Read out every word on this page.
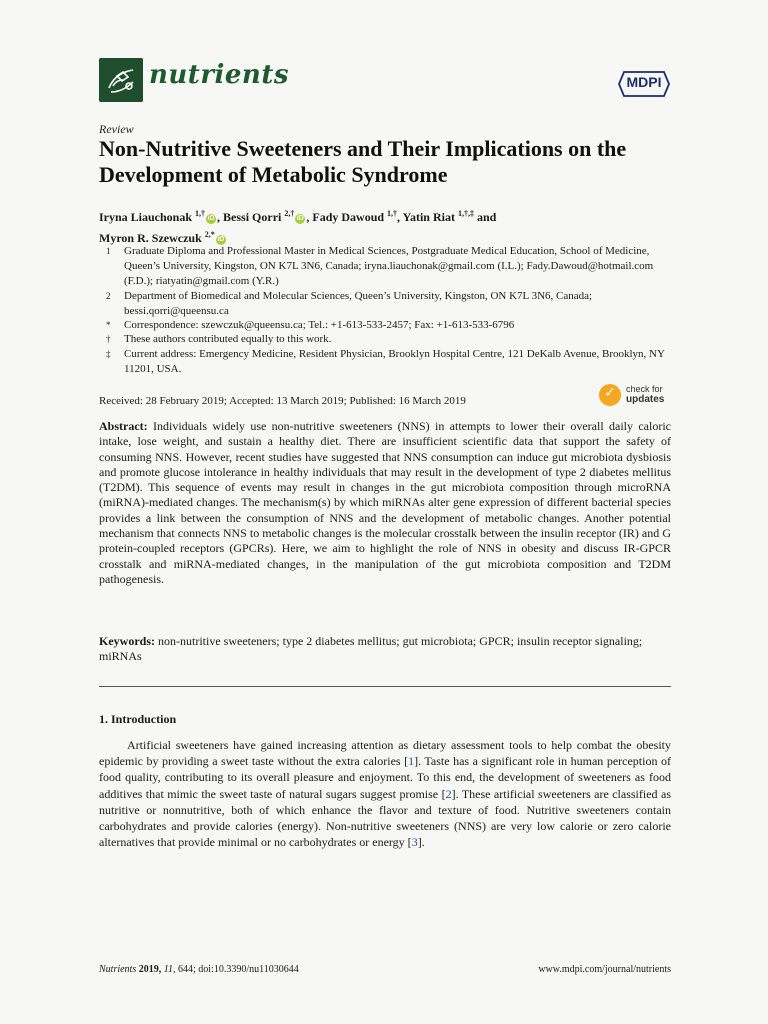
nutrients	MDPI
Review
Non-Nutritive Sweeteners and Their Implications on the Development of Metabolic Syndrome
Iryna Liauchonak $^{1,\dagger}$iD , Bessi Qorri $^{2,\dagger}$iD , Fady Dawoud $^{1,\dagger}$, Yatin Riat $^{1,\dagger,\ddagger}$ and
Myron R. Szewczuk $^{2,*}$iD
1	Graduate Diploma and Professional Master in Medical Sciences, Postgraduate Medical Education, School of Medicine, Queen’s University, Kingston, ON K7L 3N6, Canada; iryna.liauchonak@gmail.com (I.L.); Fady.Dawoud@hotmail.com (F.D.); riatyatin@gmail.com (Y.R.)
2	Department of Biomedical and Molecular Sciences, Queen’s University, Kingston, ON K7L 3N6, Canada; bessi.qorri@queensu.ca
*	Correspondence: szewczuk@queensu.ca; Tel.: +1-613-533-2457; Fax: +1-613-533-6796
†	These authors contributed equally to this work.
‡	Current address: Emergency Medicine, Resident Physician, Brooklyn Hospital Centre, 121 DeKalb Avenue, Brooklyn, NY 11201, USA.
Received: 28 February 2019; Accepted: 13 March 2019; Published: 16 March 2019	✓	check for
updates
Abstract: Individuals widely use non-nutritive sweeteners (NNS) in attempts to lower their overall daily caloric intake, lose weight, and sustain a healthy diet. There are insufficient scientific data that support the safety of consuming NNS. However, recent studies have suggested that NNS consumption can induce gut microbiota dysbiosis and promote glucose intolerance in healthy individuals that may result in the development of type 2 diabetes mellitus (T2DM). This sequence of events may result in changes in the gut microbiota composition through microRNA (miRNA)-mediated changes. The mechanism(s) by which miRNAs alter gene expression of different bacterial species provides a link between the consumption of NNS and the development of metabolic changes. Another potential mechanism that connects NNS to metabolic changes is the molecular crosstalk between the insulin receptor (IR) and G protein-coupled receptors (GPCRs). Here, we aim to highlight the role of NNS in obesity and discuss IR-GPCR crosstalk and miRNA-mediated changes, in the manipulation of the gut microbiota composition and T2DM pathogenesis.
Keywords: non-nutritive sweeteners; type 2 diabetes mellitus; gut microbiota; GPCR; insulin receptor signaling; miRNAs
1. Introduction
Artificial sweeteners have gained increasing attention as dietary assessment tools to help combat the obesity epidemic by providing a sweet taste without the extra calories [1]. Taste has a significant role in human perception of food quality, contributing to its overall pleasure and enjoyment. To this end, the development of sweeteners as food additives that mimic the sweet taste of natural sugars suggest promise [2]. These artificial sweeteners are classified as nutritive or nonnutritive, both of which enhance the flavor and texture of food. Nutritive sweeteners contain carbohydrates and provide calories (energy). Non-nutritive sweeteners (NNS) are very low calorie or zero calorie alternatives that provide minimal or no carbohydrates or energy [3].
Nutrients 2019, 11, 644; doi:10.3390/nu11030644	www.mdpi.com/journal/nutrients
